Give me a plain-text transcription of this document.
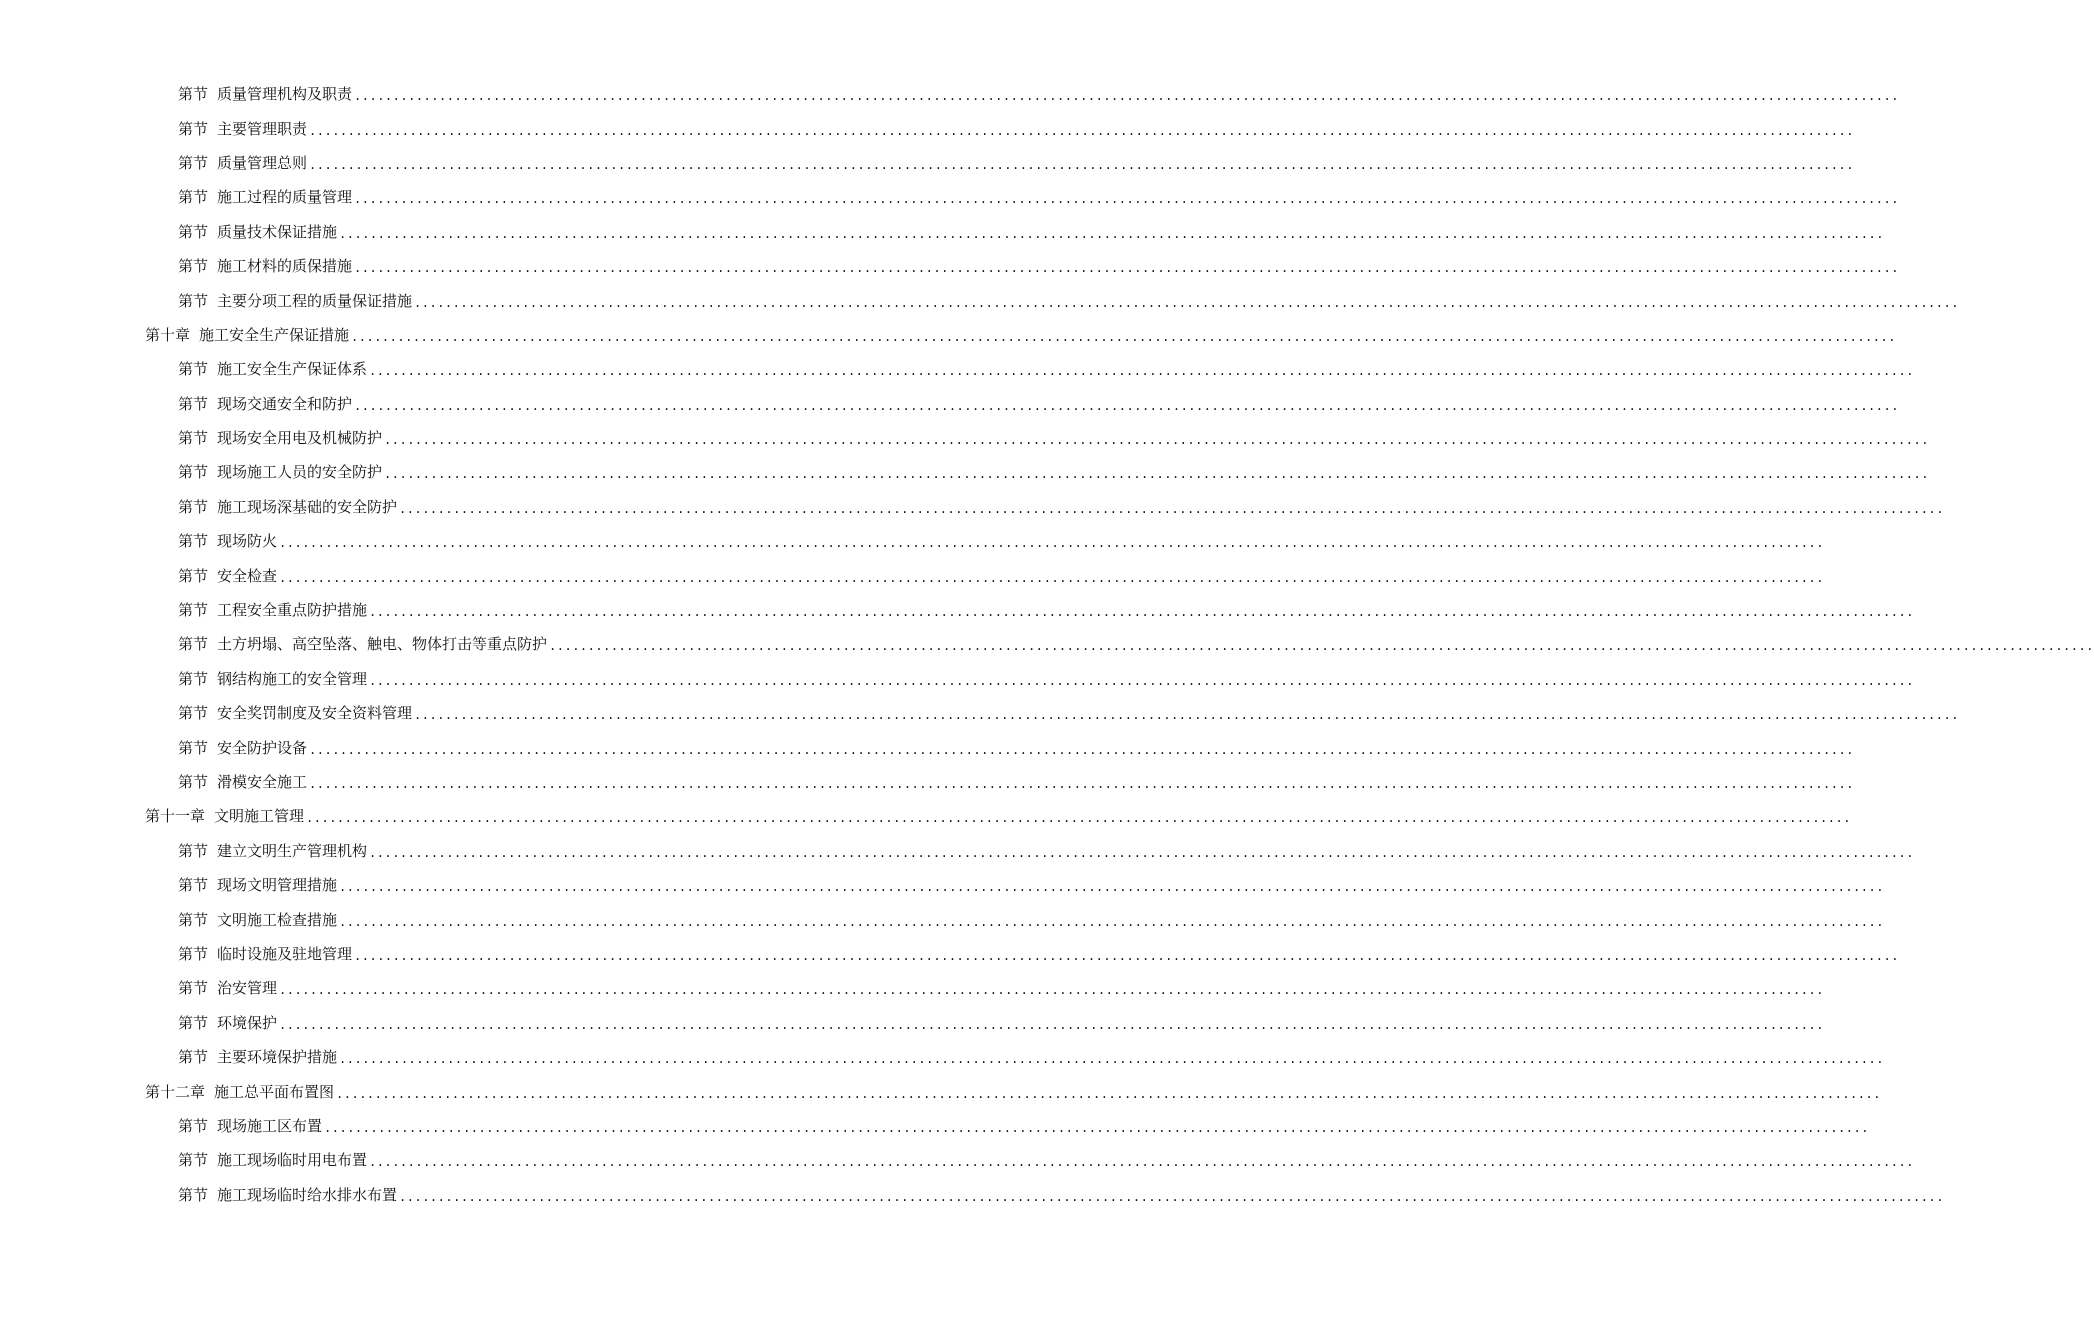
第节 质量管理机构及职责 ........................................................................................................................................................................................................
第节 主要管理职责 ........................................................................................................................................................................................................
第节 质量管理总则 ........................................................................................................................................................................................................
第节 施工过程的质量管理 ........................................................................................................................................................................................................
第节 质量技术保证措施 ........................................................................................................................................................................................................
第节 施工材料的质保措施 ........................................................................................................................................................................................................
第节 主要分项工程的质量保证措施 ........................................................................................................................................................................................................
第十章 施工安全生产保证措施 ........................................................................................................................................................................................................
第节 施工安全生产保证体系 ........................................................................................................................................................................................................
第节 现场交通安全和防护 ........................................................................................................................................................................................................
第节 现场安全用电及机械防护 ........................................................................................................................................................................................................
第节 现场施工人员的安全防护 ........................................................................................................................................................................................................
第节 施工现场深基础的安全防护 ........................................................................................................................................................................................................
第节 现场防火 ........................................................................................................................................................................................................
第节 安全检查 ........................................................................................................................................................................................................
第节 工程安全重点防护措施 ........................................................................................................................................................................................................
第节 土方坍塌、高空坠落、触电、物体打击等重点防护 ........................................................................................................................................................................................................
第节 钢结构施工的安全管理 ........................................................................................................................................................................................................
第节 安全奖罚制度及安全资料管理 ........................................................................................................................................................................................................
第节 安全防护设备 ........................................................................................................................................................................................................
第节 滑模安全施工 ........................................................................................................................................................................................................
第十一章 文明施工管理 ........................................................................................................................................................................................................
第节 建立文明生产管理机构 ........................................................................................................................................................................................................
第节 现场文明管理措施 ........................................................................................................................................................................................................
第节 文明施工检查措施 ........................................................................................................................................................................................................
第节 临时设施及驻地管理 ........................................................................................................................................................................................................
第节 治安管理 ........................................................................................................................................................................................................
第节 环境保护 ........................................................................................................................................................................................................
第节 主要环境保护措施 ........................................................................................................................................................................................................
第十二章 施工总平面布置图 ........................................................................................................................................................................................................
第节 现场施工区布置 ........................................................................................................................................................................................................
第节 施工现场临时用电布置 ........................................................................................................................................................................................................
第节 施工现场临时给水排水布置 ........................................................................................................................................................................................................
